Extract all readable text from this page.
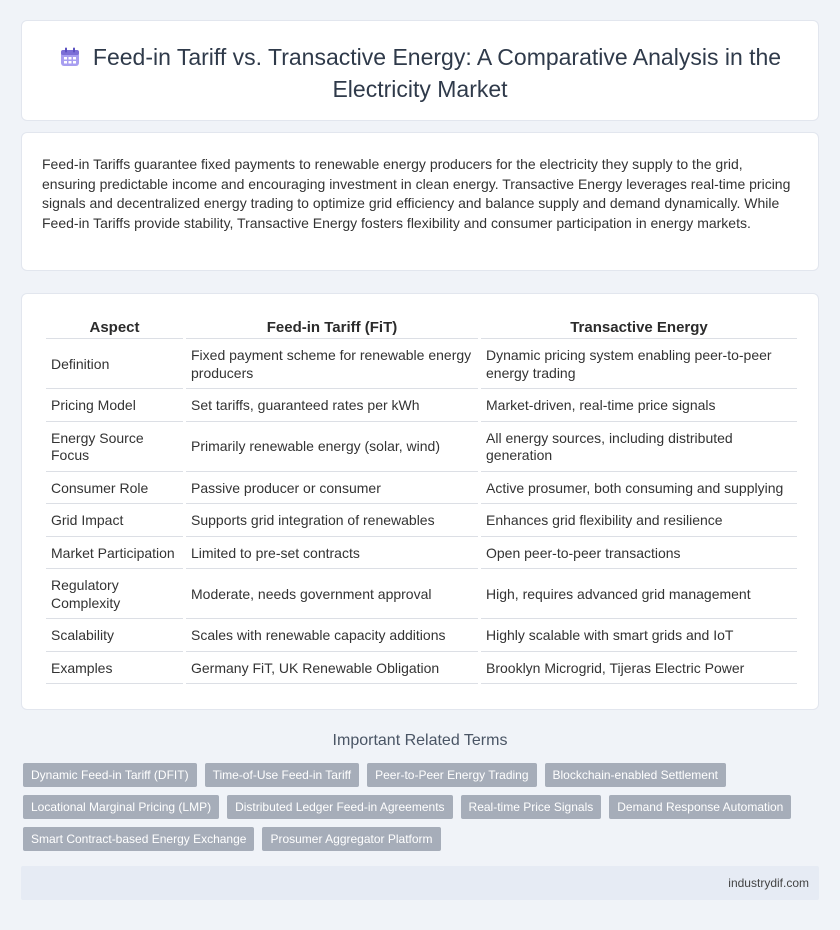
Feed-in Tariff vs. Transactive Energy: A Comparative Analysis in the Electricity Market

Feed-in Tariffs guarantee fixed payments to renewable energy producers for the electricity they supply to the grid, ensuring predictable income and encouraging investment in clean energy. Transactive Energy leverages real-time pricing signals and decentralized energy trading to optimize grid efficiency and balance supply and demand dynamically. While Feed-in Tariffs provide stability, Transactive Energy fosters flexibility and consumer participation in energy markets.

Aspect	Feed-in Tariff (FiT)	Transactive Energy
Definition	Fixed payment scheme for renewable energy producers	Dynamic pricing system enabling peer-to-peer energy trading
Pricing Model	Set tariffs, guaranteed rates per kWh	Market-driven, real-time price signals
Energy Source Focus	Primarily renewable energy (solar, wind)	All energy sources, including distributed generation
Consumer Role	Passive producer or consumer	Active prosumer, both consuming and supplying
Grid Impact	Supports grid integration of renewables	Enhances grid flexibility and resilience
Market Participation	Limited to pre-set contracts	Open peer-to-peer transactions
Regulatory Complexity	Moderate, needs government approval	High, requires advanced grid management
Scalability	Scales with renewable capacity additions	Highly scalable with smart grids and IoT
Examples	Germany FiT, UK Renewable Obligation	Brooklyn Microgrid, Tijeras Electric Power
Important Related Terms
Dynamic Feed-in Tariff (DFIT)	Time-of-Use Feed-in Tariff	Peer-to-Peer Energy Trading	Blockchain-enabled Settlement
Locational Marginal Pricing (LMP)	Distributed Ledger Feed-in Agreements	Real-time Price Signals	Demand Response Automation
Smart Contract-based Energy Exchange	Prosumer Aggregator Platform
industrydif.com
